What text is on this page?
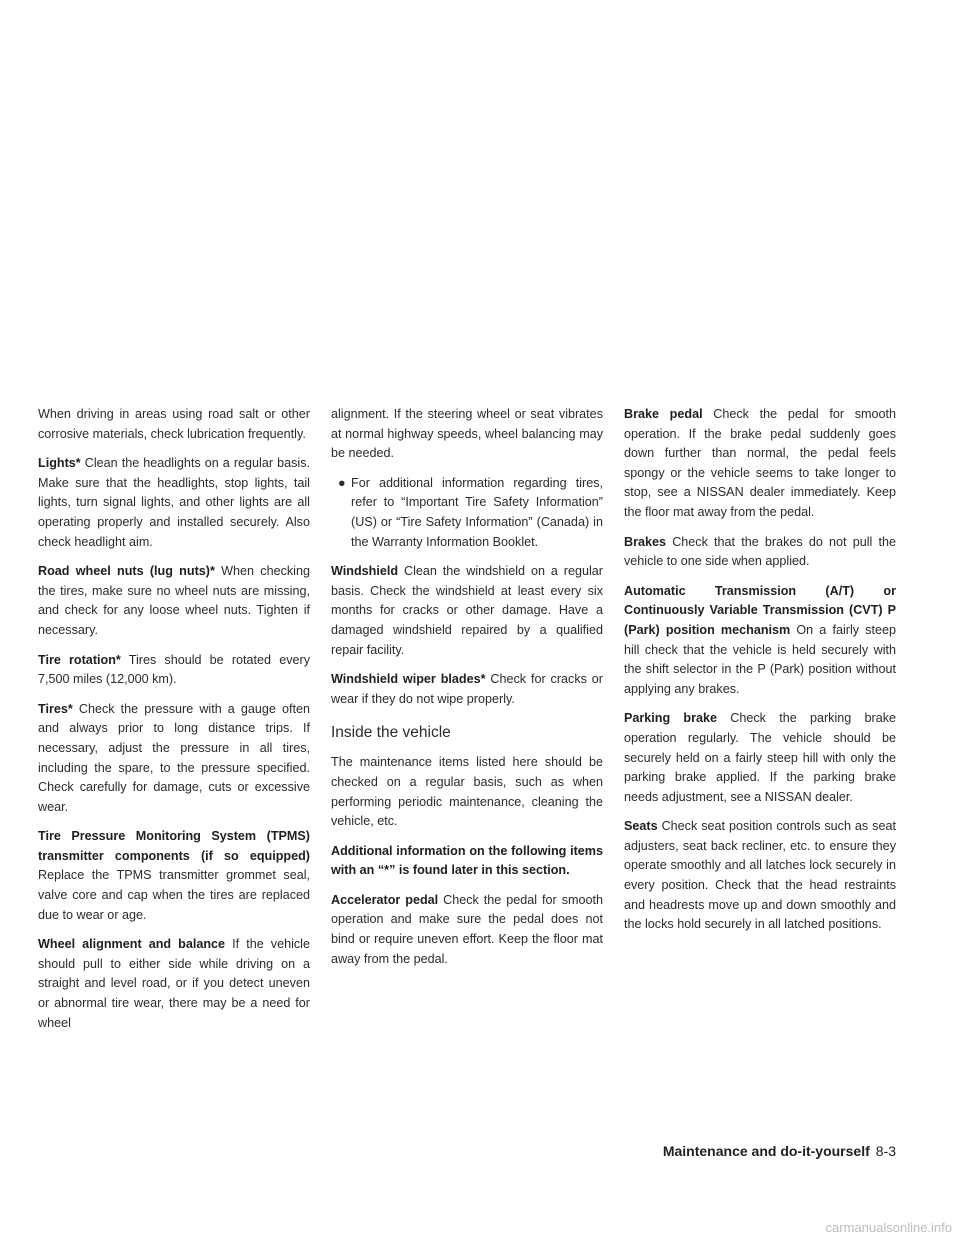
When driving in areas using road salt or other corrosive materials, check lubrication frequently.

Lights* Clean the headlights on a regular basis. Make sure that the headlights, stop lights, tail lights, turn signal lights, and other lights are all operating properly and installed securely. Also check headlight aim.

Road wheel nuts (lug nuts)* When checking the tires, make sure no wheel nuts are missing, and check for any loose wheel nuts. Tighten if necessary.

Tire rotation* Tires should be rotated every 7,500 miles (12,000 km).

Tires* Check the pressure with a gauge often and always prior to long distance trips. If necessary, adjust the pressure in all tires, including the spare, to the pressure specified. Check carefully for damage, cuts or excessive wear.

Tire Pressure Monitoring System (TPMS) transmitter components (if so equipped) Replace the TPMS transmitter grommet seal, valve core and cap when the tires are replaced due to wear or age.

Wheel alignment and balance If the vehicle should pull to either side while driving on a straight and level road, or if you detect uneven or abnormal tire wear, there may be a need for wheel

alignment. If the steering wheel or seat vibrates at normal highway speeds, wheel balancing may be needed.

● For additional information regarding tires, refer to “Important Tire Safety Information” (US) or “Tire Safety Information” (Canada) in the Warranty Information Booklet.

Windshield Clean the windshield on a regular basis. Check the windshield at least every six months for cracks or other damage. Have a damaged windshield repaired by a qualified repair facility.

Windshield wiper blades* Check for cracks or wear if they do not wipe properly.

Inside the vehicle

The maintenance items listed here should be checked on a regular basis, such as when performing periodic maintenance, cleaning the vehicle, etc.

Additional information on the following items with an “*” is found later in this section.

Accelerator pedal Check the pedal for smooth operation and make sure the pedal does not bind or require uneven effort. Keep the floor mat away from the pedal.

Brake pedal Check the pedal for smooth operation. If the brake pedal suddenly goes down further than normal, the pedal feels spongy or the vehicle seems to take longer to stop, see a NISSAN dealer immediately. Keep the floor mat away from the pedal.

Brakes Check that the brakes do not pull the vehicle to one side when applied.

Automatic Transmission (A/T) or Continuously Variable Transmission (CVT) P (Park) position mechanism On a fairly steep hill check that the vehicle is held securely with the shift selector in the P (Park) position without applying any brakes.

Parking brake Check the parking brake operation regularly. The vehicle should be securely held on a fairly steep hill with only the parking brake applied. If the parking brake needs adjustment, see a NISSAN dealer.

Seats Check seat position controls such as seat adjusters, seat back recliner, etc. to ensure they operate smoothly and all latches lock securely in every position. Check that the head restraints and headrests move up and down smoothly and the locks hold securely in all latched positions.

Maintenance and do-it-yourself 8-3
carmanualsonline.info
